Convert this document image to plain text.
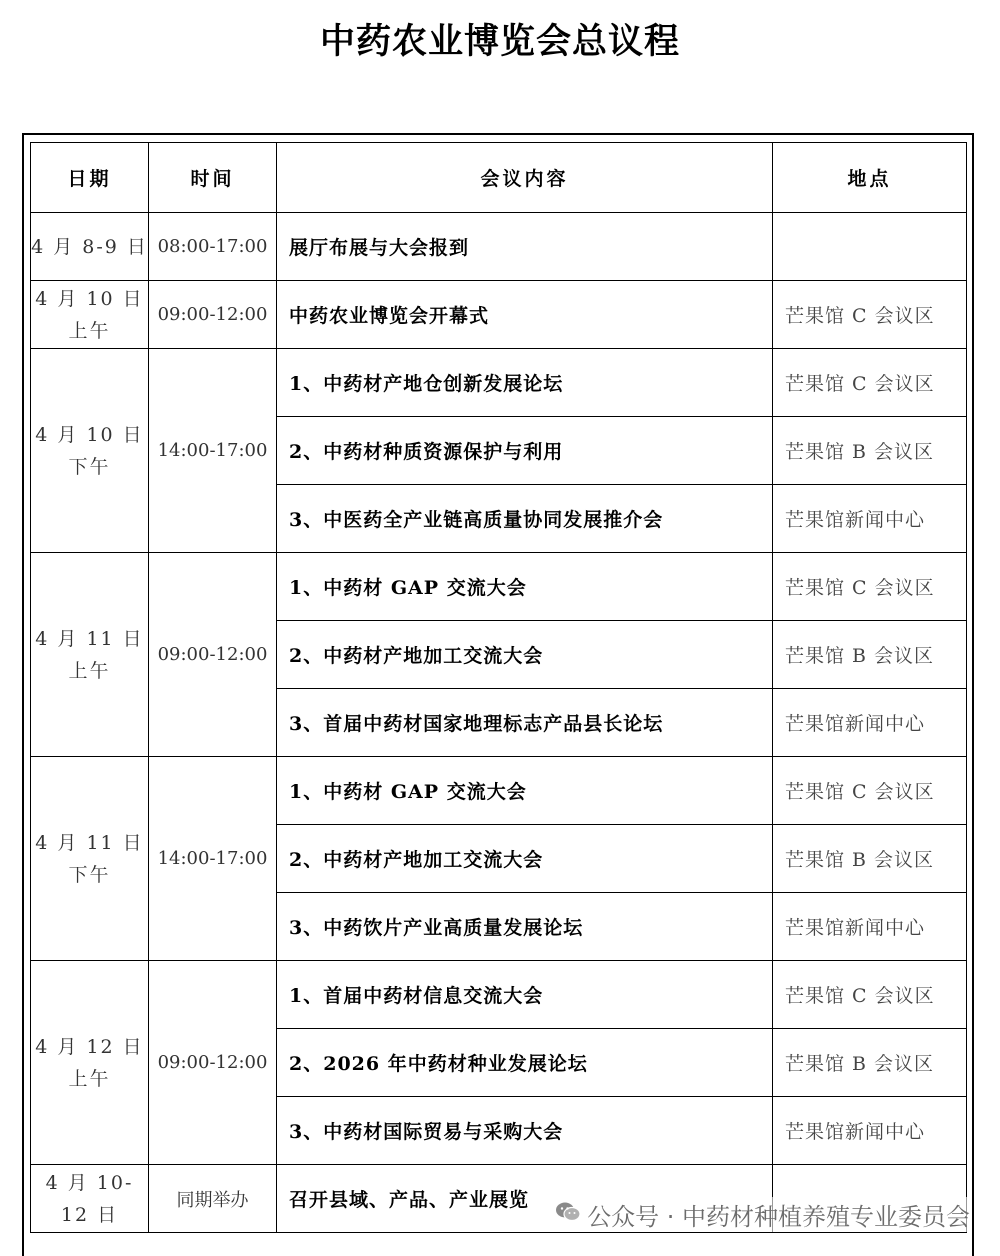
中药农业博览会总议程
日期	时间	会议内容	地点
4 月 8-9 日	08:00-17:00	展厅布展与大会报到	

4 月 10 日
上午	09:00-12:00	中药农业博览会开幕式	芒果馆 C 会议区

4 月 10 日
下午	14:00-17:00	1、中药材产地仓创新发展论坛	芒果馆 C 会议区
		2、中药材种质资源保护与利用	芒果馆 B 会议区
		3、中医药全产业链高质量协同发展推介会	芒果馆新闻中心

4 月 11 日
上午	09:00-12:00	1、中药材 GAP 交流大会	芒果馆 C 会议区
		2、中药材产地加工交流大会	芒果馆 B 会议区
		3、首届中药材国家地理标志产品县长论坛	芒果馆新闻中心

4 月 11 日
下午	14:00-17:00	1、中药材 GAP 交流大会	芒果馆 C 会议区
		2、中药材产地加工交流大会	芒果馆 B 会议区
		3、中药饮片产业高质量发展论坛	芒果馆新闻中心

4 月 12 日
上午	09:00-12:00	1、首届中药材信息交流大会	芒果馆 C 会议区
		2、2026 年中药材种业发展论坛	芒果馆 B 会议区
		3、中药材国际贸易与采购大会	芒果馆新闻中心

4 月 10-
12 日	同期举办	召开县域、产品、产业展览	
公众号 · 中药材种植养殖专业委员会
